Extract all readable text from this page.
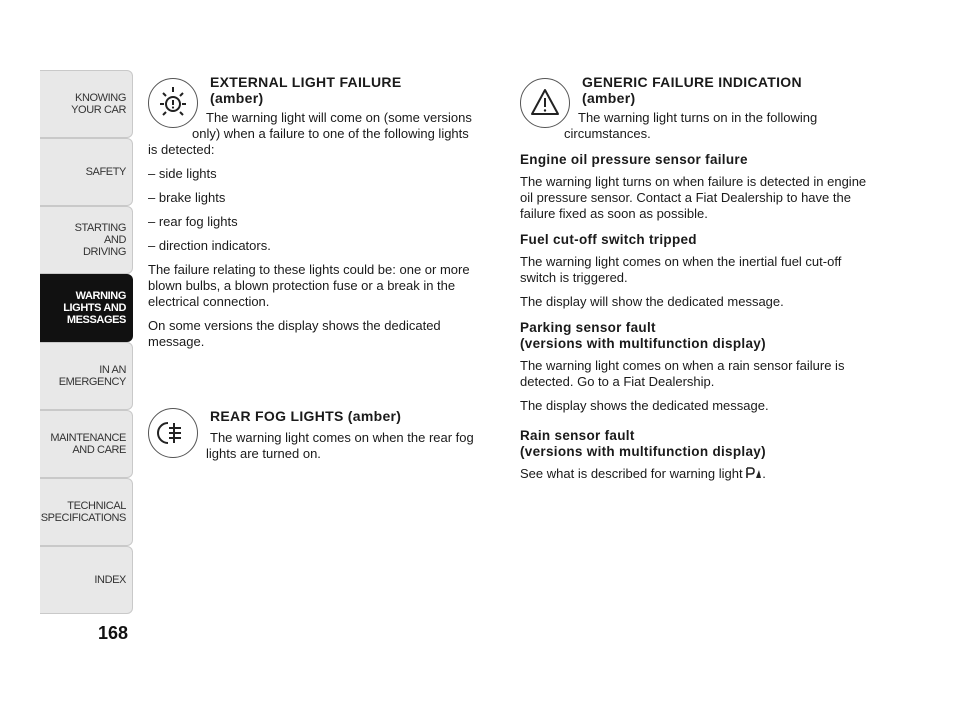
KNOWING
YOUR CAR
SAFETY
STARTING
AND
DRIVING
WARNING
LIGHTS AND
MESSAGES
IN AN
EMERGENCY
MAINTENANCE
AND CARE
TECHNICAL
SPECIFICATIONS
INDEX
168
EXTERNAL LIGHT FAILURE
(amber)

The warning light will come on (some versions

only) when a failure to one of the following lights

is detected:

– side lights

– brake lights

– rear fog lights

– direction indicators.

The failure relating to these lights could be: one or more blown bulbs, a blown protection fuse or a break in the electrical connection.

On some versions the display shows the dedicated message.

REAR FOG LIGHTS (amber)

The warning light comes on when the rear fog

lights are turned on.

GENERIC FAILURE INDICATION
(amber)

The warning light turns on in the following

circumstances.

Engine oil pressure sensor failure

The warning light turns on when failure is detected in engine oil pressure sensor. Contact a Fiat Dealership to have the failure fixed as soon as possible.

Fuel cut-off switch tripped

The warning light comes on when the inertial fuel cut-off switch is triggered.

The display will show the dedicated message.

Parking sensor fault
(versions with multifunction display)

The warning light comes on when a rain sensor failure is detected. Go to a Fiat Dealership.

The display shows the dedicated message.

Rain sensor fault
(versions with multifunction display)

See what is described for warning light .
